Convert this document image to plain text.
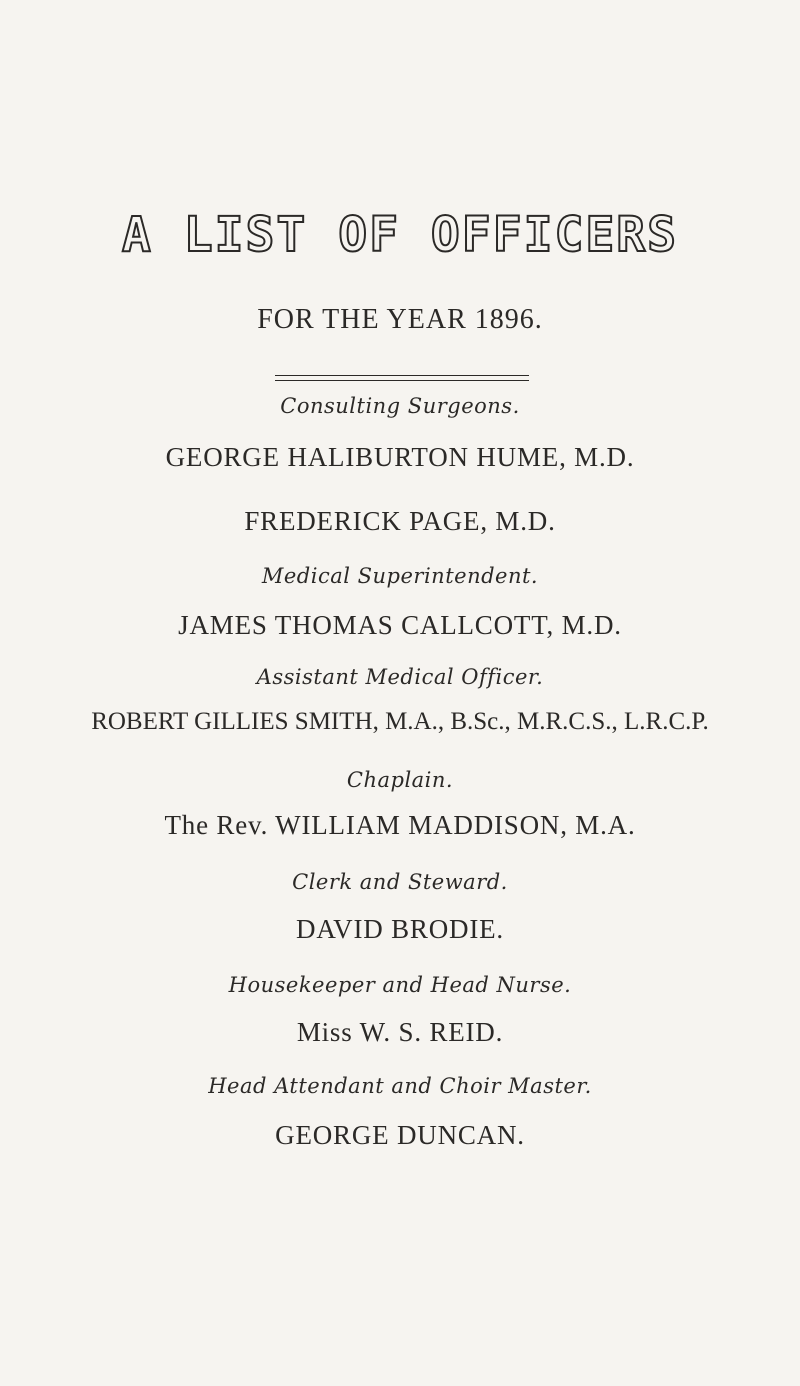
A LIST OF OFFICERS
FOR THE YEAR 1896.
Consulting Surgeons.
GEORGE HALIBURTON HUME, M.D.
FREDERICK PAGE, M.D.
Medical Superintendent.
JAMES THOMAS CALLCOTT, M.D.
Assistant Medical Officer.
ROBERT GILLIES SMITH, M.A., B.Sc., M.R.C.S., L.R.C.P.
Chaplain.
The Rev. WILLIAM MADDISON, M.A.
Clerk and Steward.
DAVID BRODIE.
Housekeeper and Head Nurse.
Miss W. S. REID.
Head Attendant and Choir Master.
GEORGE DUNCAN.
